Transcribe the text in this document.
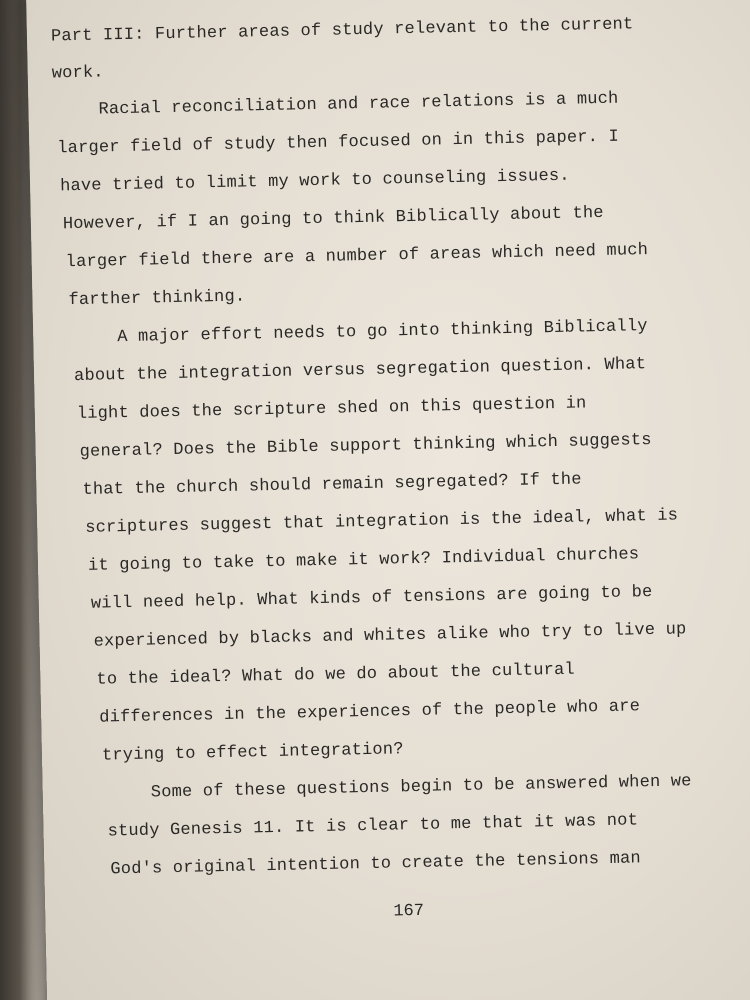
Part III: Further areas of study relevant to the current
work.
Racial reconciliation and race relations is a much
larger field of study then focused on in this paper. I
have tried to limit my work to counseling issues.
However, if I an going to think Biblically about the
larger field there are a number of areas which need much
farther thinking.
A major effort needs to go into thinking Biblically
about the integration versus segregation question. What
light does the scripture shed on this question in
general? Does the Bible support thinking which suggests
that the church should remain segregated? If the
scriptures suggest that integration is the ideal, what is
it going to take to make it work? Individual churches
will need help. What kinds of tensions are going to be
experienced by blacks and whites alike who try to live up
to the ideal? What do we do about the cultural
differences in the experiences of the people who are
trying to effect integration?
Some of these questions begin to be answered when we
study Genesis 11. It is clear to me that it was not
God's original intention to create the tensions man
167
